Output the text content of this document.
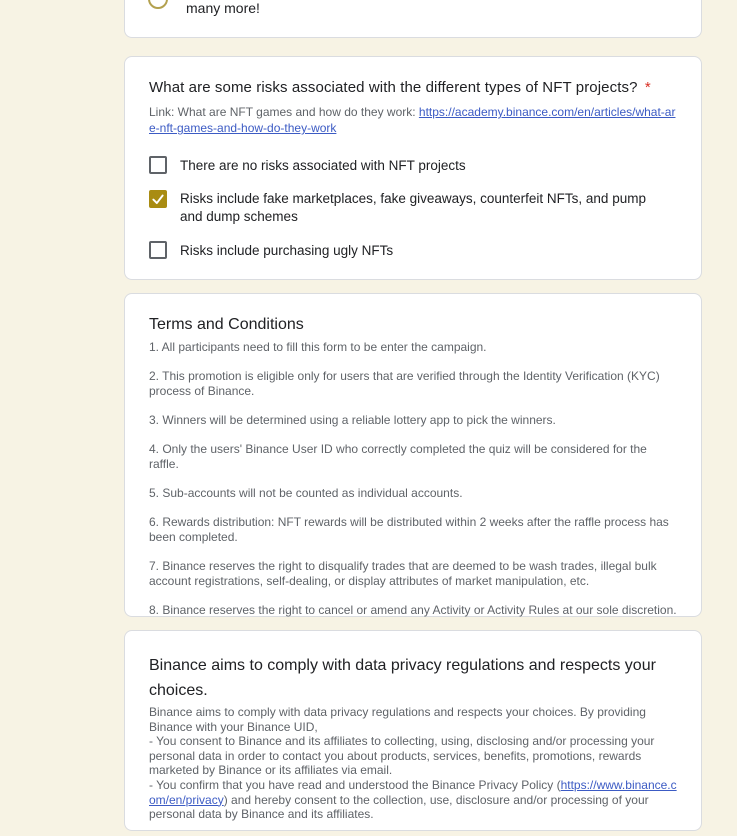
many more!
What are some risks associated with the different types of NFT projects? *

Link: What are NFT games and how do they work: https://academy.binance.com/en/articles/what-are-nft-games-and-how-do-they-work

There are no risks associated with NFT projects
Risks include fake marketplaces, fake giveaways, counterfeit NFTs, and pump and dump schemes
Risks include purchasing ugly NFTs
Terms and Conditions

1. All participants need to fill this form to be enter the campaign.

2. This promotion is eligible only for users that are verified through the Identity Verification (KYC) process of Binance.

3. Winners will be determined using a reliable lottery app to pick the winners.

4. Only the users' Binance User ID who correctly completed the quiz will be considered for the raffle.

5. Sub-accounts will not be counted as individual accounts.

6. Rewards distribution: NFT rewards will be distributed within 2 weeks after the raffle process has been completed.

7. Binance reserves the right to disqualify trades that are deemed to be wash trades, illegal bulk account registrations, self-dealing, or display attributes of market manipulation, etc.

8. Binance reserves the right to cancel or amend any Activity or Activity Rules at our sole discretion.

Binance aims to comply with data privacy regulations and respects your choices.
Binance aims to comply with data privacy regulations and respects your choices. By providing Binance with your Binance UID,
- You consent to Binance and its affiliates to collecting, using, disclosing and/or processing your personal data in order to contact you about products, services, benefits, promotions, rewards marketed by Binance or its affiliates via email.
- You confirm that you have read and understood the Binance Privacy Policy (https://www.binance.com/en/privacy) and hereby consent to the collection, use, disclosure and/or processing of your personal data by Binance and its affiliates.
